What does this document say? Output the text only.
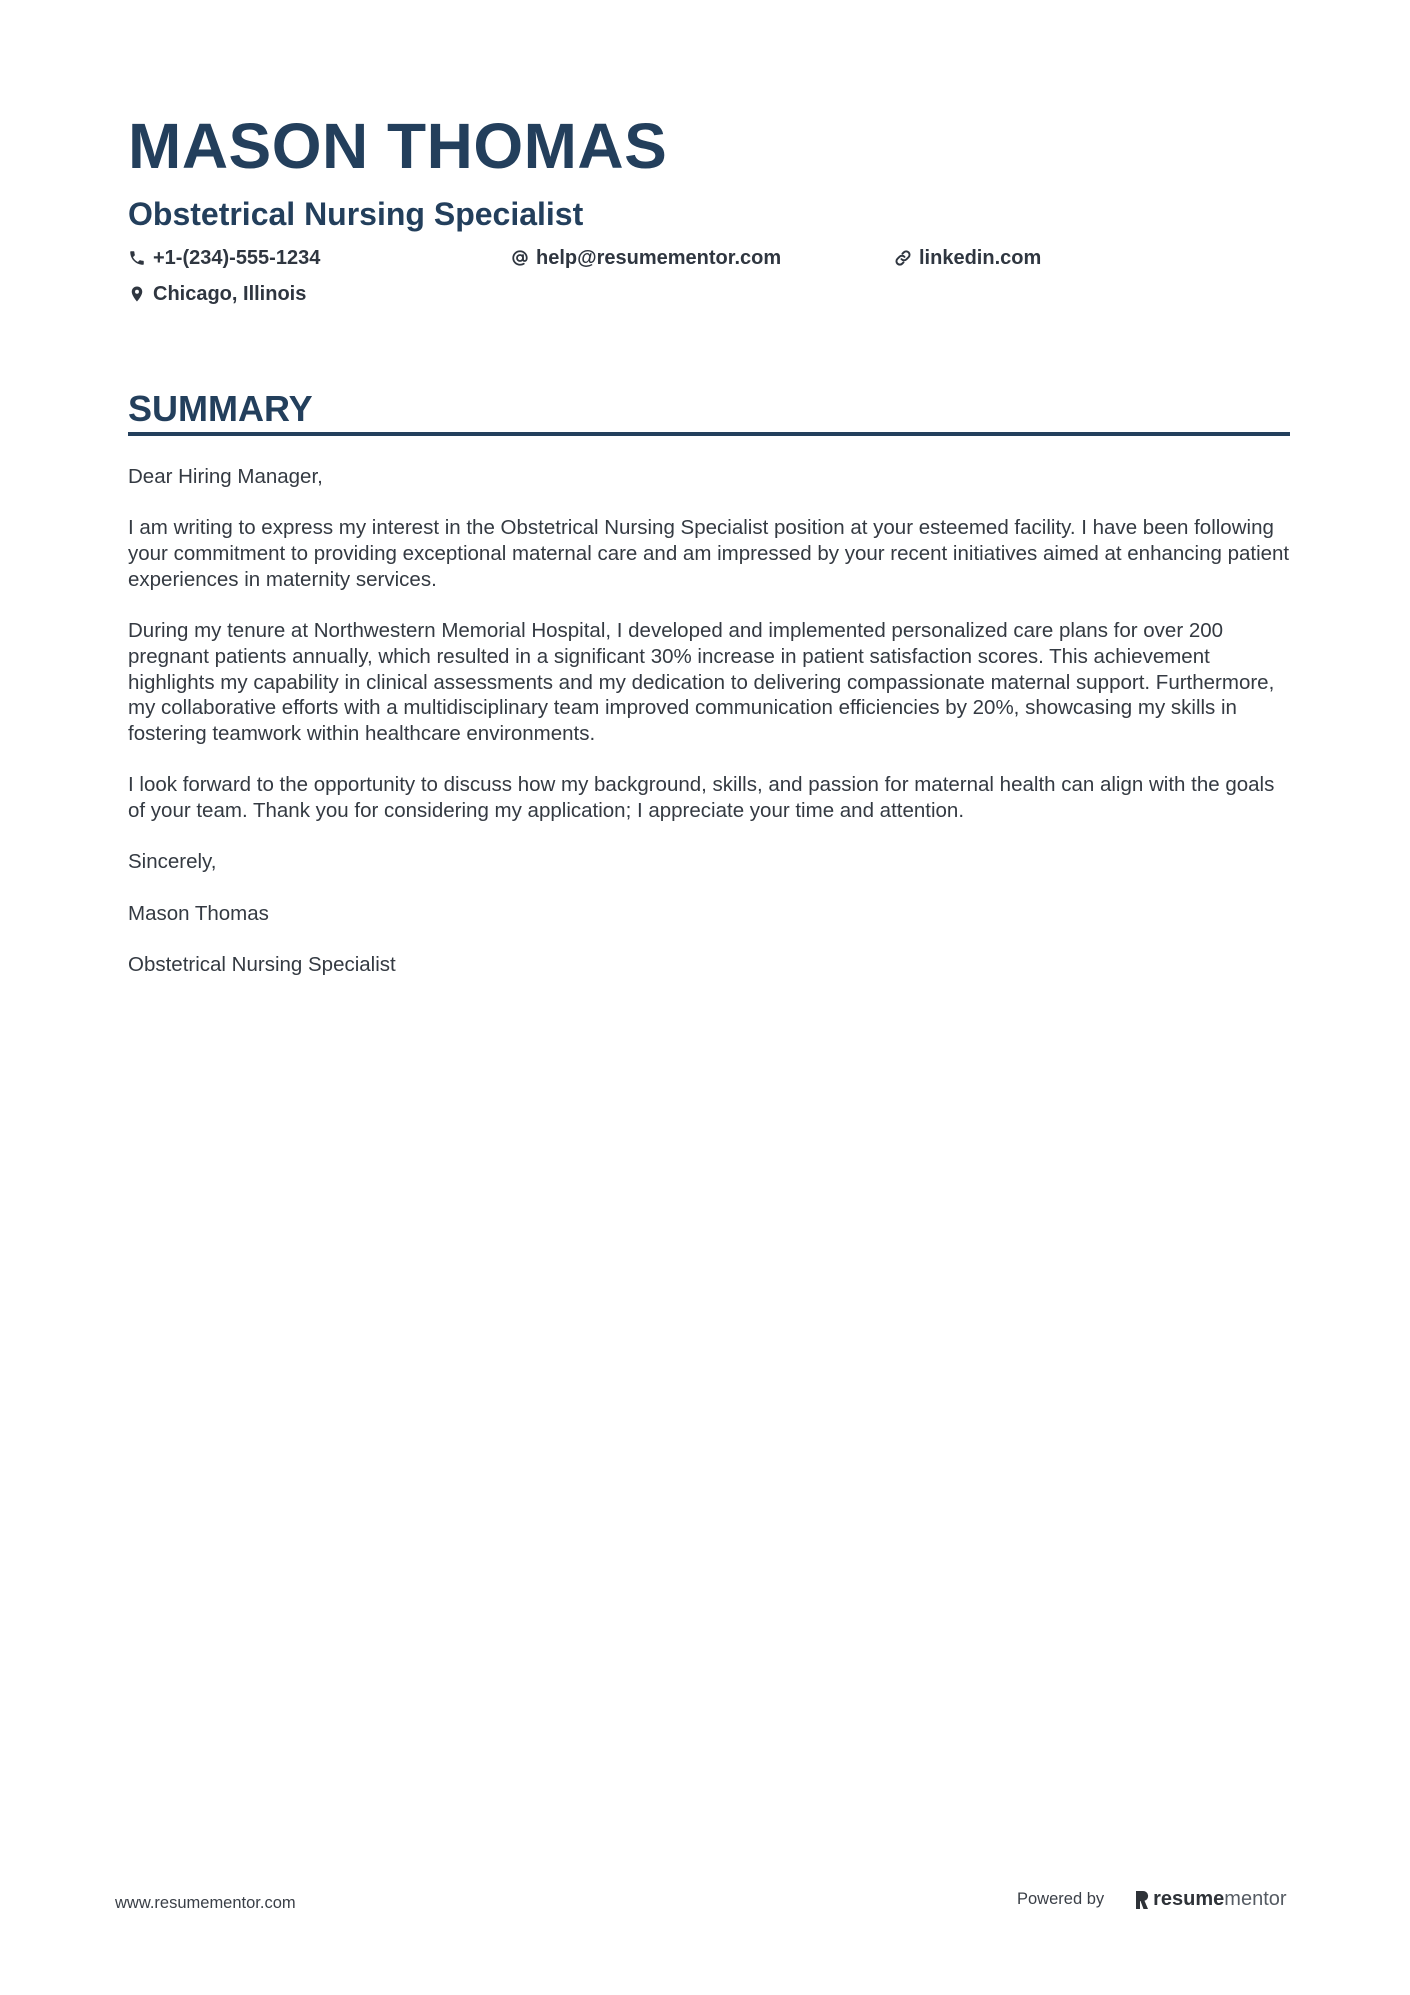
MASON THOMAS
Obstetrical Nursing Specialist
+1-(234)-555-1234	help@resumementor.com	linkedin.com
Chicago, Illinois
SUMMARY

Dear Hiring Manager,

I am writing to express my interest in the Obstetrical Nursing Specialist position at your esteemed facility. I have been following your commitment to providing exceptional maternal care and am impressed by your recent initiatives aimed at enhancing patient experiences in maternity services.

During my tenure at Northwestern Memorial Hospital, I developed and implemented personalized care plans for over 200 pregnant patients annually, which resulted in a significant 30% increase in patient satisfaction scores. This achievement highlights my capability in clinical assessments and my dedication to delivering compassionate maternal support. Furthermore, my collaborative efforts with a multidisciplinary team improved communication efficiencies by 20%, showcasing my skills in fostering teamwork within healthcare environments.

I look forward to the opportunity to discuss how my background, skills, and passion for maternal health can align with the goals of your team. Thank you for considering my application; I appreciate your time and attention.

Sincerely,

Mason Thomas

Obstetrical Nursing Specialist

www.resumementor.com	Powered by resume mentor
